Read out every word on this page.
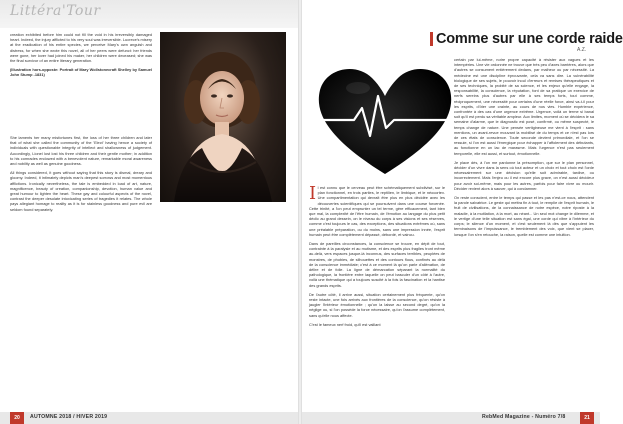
Littéra'Tour

creation exhibited before him could not fill the void in his irreversibly damaged heart. Indeed, the injury afflicted to his very soul was irreversible. Lucrece's misery at the eradication of his entire species, we perceive Mary's own anguish and distress, for when she wrote this novel, all of her peers were defunct: her friends were gone, her lover had joined his maker, her children were deceased; she was the final survivor of an entire literary generation.

(Illustration hors-opposte: Portrait of Mary Wollstonecraft Shelley by Samuel John Stump -1831)

She laments her many misfortunes first, the loss of her three children and later that of what she called the community of the 'Elect' having hence a society of individuals with questionable integrity of intellect and shallowness of judgement. Accordingly, Lionel lost lost his three children and their gentle mother; in addition to his comrades endowed with a benevolent nature, remarkable moral awareness and nobility as well as genuine goodness.

All things considered, it goes without saying that this story is dismal, dreary and gloomy. Indeed, it intimately depicts man's deepest sorrows and most momentous afflictions. Ironically nevertheless, the tale is embedded in load of art, nature, magnificence, beauty of creation, companionship, devotion, human value and great humour to lighten the heart. These gay and colourful aspects of the novel, contrast the deeper desolate intoxicating series of tragedies it relates. The whole pays allegiant homage to reality as it is for stainless goodness and pure evil are seldom found separately.

20	AUTOMNE 2018 / HIVER 2019
Comme sur une corde raide
A.Z.

Il est connu que le cerveau peut être schématiquement subdivisé, sur le plan fonctionnel, en trois parties, le reptilien, le limbique, et le néocortex. Une compartimentation qui devrait être plus en plus décidée avec les découvertes scientifiques qui se poursuivent dans une course forcenée. Cette trinité, a l'on peut emprunter un tel terme, gère efficacement, tant bien que mal, la complexité de l'être humain, de l'émotion au langage du plus petit déclic au grand dessein, on le niveau du corps à ses visions et ses réserves, comme c'est toujours le cas, des exceptions, des situations extrêmes où, sans une préalable préparation, ou du moins, sans une impression innée, l'esprit humain peut être complètement dépassé, débordé, et vaincu.

Dans de pareilles circonstances, la conscience se trouve, en dépit de tout, contrainte à la paralysie et au mutisme, et des esprits plus fragiles tront même au-delà, vers espaces jusque-là inconnus, des surfaces terribles, peuplées de monstres, de phobies, de silhouettes et des contours flous, confinés au délà de la conscience immédiate; c'est à ce moment là qu'on parle d'aliénation, de délire et de folie. La ligne de démarcation séparant la normalité du pathologique, la frontière entre laquelle on peut basculer d'un côté à l'autre, voilà une thématique qui a toujours suscité à la fois la fascination et la hantise des grands esprits.

De l'autre côté, il arrive aussi, situation certainement plus fréquente, qu'on reste intacte, une fois arrivés aux frontières de la conscience, qu'on résiste à jaugler l'intérieur émotionnelle ; qu'on la laisse au second degré, qu'on la néglige ou, si l'on possède la force nécessaire, qu'on l'assume complètement, sans qu'elle nous affecte.

C'est le fameux nerf froid, qu'il est vaillant

certain par lui-même, notre propre capacité à résister aux vagues et les intempéries. Une vie ordonnée ne trouve que très peu d'axes barrières, alors que d'autres se consument entièrement dedans, par malheur ou par nécessité. La médecine est une discipline éprouvante, cela va sans dire. La vulnérabilité biologique de ses sujets, le pouvoir inouï d'erreurs et remises thérapeutiques et de ses techniques, la probité de sa science, et les enjeux qu'elle engage, la responsabilité, la conscience, la réputation, font de sa pratique un exercice de nerfs sereins plus d'autres par elle à ses temps forts, tout comme, réciproquement, une nécessité pour certains d'une réelle force, ainsi va-t-il pour les esprits, d'ôter une crainte, au cours de nos vies. Humble expérience, confrontée à des cas d'une urgence extrême. Urgence, voilà un terme si banal soit qu'il est perdu sa véritable ampleur. Aux limites, moment où se décidera le sa semaine d'alarme, que le diagnostic est posé, confirmé, ou même suspecté, le temps change de nature. Une pensée vertigineuse me vient à l'esprit : sans mentions, un avant-revue mouvant la mobilisé de du temps et ce n'est pas lors de ces états de conscience. Toute seconde devient primordiale, et l'on se ressuie, si l'on est aussi l'énergique pour échapper à l'affolement des débutants, au fonctionne en un lac de marasme. Mais l'urgence n'est pas seulement temporelle, elle est aussi, et surtout, émotionnelle.

Je place dès, à l'on me pardonne la présomption, que sur le plan personnel, décider d'un vivre dans la sens où tout acteur et un choix et tout choix est l'orde nécessairement sur une décision qu'elle soit admirable, tardive, ou incorrectement. Mais l'enjeu ou il est encore plus grave, on n'est aussi décideur pour avoir soi-même, mais pour les autres, parfois pour faire vivre ou mourir. Décider revient alors à sauver, qui à condamner.

On reste conscient, entre le temps qui passe et les pas n'est-ce nous, attendent la parole salvatrice. Le geste qui mettra fin à tout, le remplie de l'esprit humain, le fruit de civilisations, de la connaissance de notre espèce, notre riposte à la maladie, à la mutilation, à la mort, au néant... Un seul mot change le dilemme, et le vertige d'une telle situation est sans égal, une corde qui vibre à l'intérieur du corps; le silence d'un moment, et c'est seulement là dès que s'appuient les terminaisons de l'impuissance, le tremblement des voix, que vient se placer, lorsque l'on s'en retouche, la raison, quelle est comme une intuition.

RebMed Magazine - Numéro 7/8	21
